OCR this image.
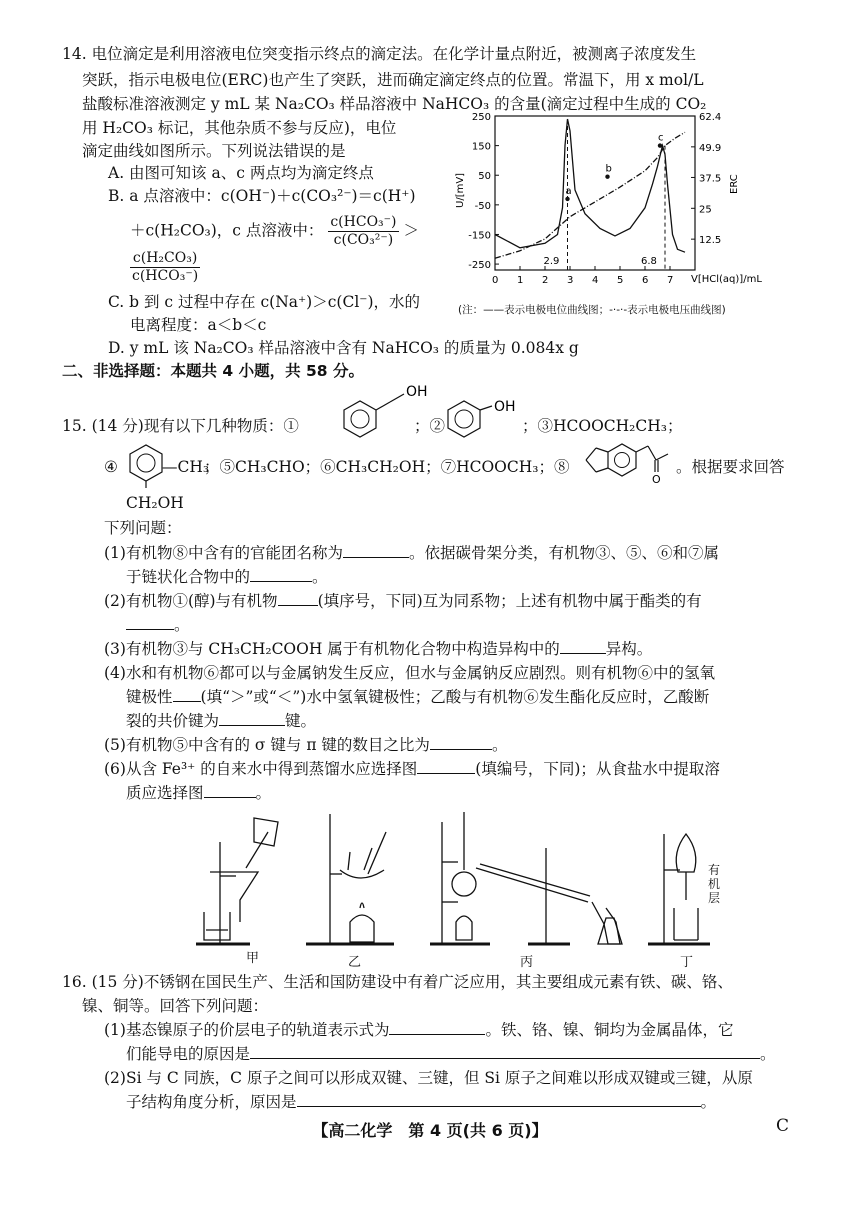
14. 电位滴定是利用溶液电位突变指示终点的滴定法。在化学计量点附近，被测离子浓度发生
突跃，指示电极电位(ERC)也产生了突跃，进而确定滴定终点的位置。常温下，用 x mol/L
盐酸标准溶液测定 y mL 某 Na₂CO₃ 样品溶液中 NaHCO₃ 的含量(滴定过程中生成的 CO₂
用 H₂CO₃ 标记，其他杂质不参与反应)，电位
滴定曲线如图所示。下列说法错误的是
A. 由图可知该 a、c 两点均为滴定终点
B. a 点溶液中：c(OH⁻)＋c(CO₃²⁻)＝c(H⁺)
＋c(H₂CO₃)，c 点溶液中： $\frac{\text{c(HCO₃⁻)}}{\text{c(CO₃²⁻)}}$ ＞
$\frac{\text{c(H₂CO₃)}}{\text{c(HCO₃⁻)}}$
C. b 到 c 过程中存在 c(Na⁺)＞c(Cl⁻)，水的
电离程度：a＜b＜c
D. y mL 该 Na₂CO₃ 样品溶液中含有 NaHCO₃ 的质量为 0.084x g
0 1 2 3 4 5 6 7
250
150
50
-50
-150
-250
62.4
49.9
37.5
25
12.5
V[HCl(aq)]/mL
U/[mV]	ERC
2.9	6.8
a
b
c
(注：——表示电极电位曲线图；-·-·-表示电极电压曲线图)
二、非选择题：本题共 4 小题，共 58 分。
15. (14 分)现有以下几种物质：①
OH
；②
OH
；③HCOOCH₂CH₃；
④	—CH₃
CH₂OH
；⑤CH₃CHO；⑥CH₃CH₂OH；⑦HCOOCH₃；⑧
O
。根据要求回答
下列问题：
(1)有机物⑧中含有的官能团名称为	。依据碳骨架分类，有机物③、⑤、⑥和⑦属
于链状化合物中的	。
(2)有机物①(醇)与有机物	(填序号，下同)互为同系物；上述有机物中属于酯类的有
。
(3)有机物③与 CH₃CH₂COOH 属于有机物化合物中构造异构中的	异构。
(4)水和有机物⑥都可以与金属钠发生反应，但水与金属钠反应剧烈。则有机物⑥中的氢氧
键极性 (填“＞”或“＜”)水中氢氧键极性；乙酸与有机物⑥发生酯化反应时，乙酸断
裂的共价键为	键。
(5)有机物⑤中含有的 σ 键与 π 键的数目之比为	。
(6)从含 Fe³⁺ 的自来水中得到蒸馏水应选择图	(填编号，下同)；从食盐水中提取溶
质应选择图	。
甲	乙	丙	丁
有
机
层
16. (15 分)不锈钢在国民生产、生活和国防建设中有着广泛应用，其主要组成元素有铁、碳、铬、
镍、铜等。回答下列问题：
(1)基态镍原子的价层电子的轨道表示式为	。铁、铬、镍、铜均为金属晶体，它
们能导电的原因是	。
(2)Si 与 C 同族，C 原子之间可以形成双键、三键，但 Si 原子之间难以形成双键或三键，从原
子结构角度分析，原因是	。
【高二化学　第 4 页(共 6 页)】	C
